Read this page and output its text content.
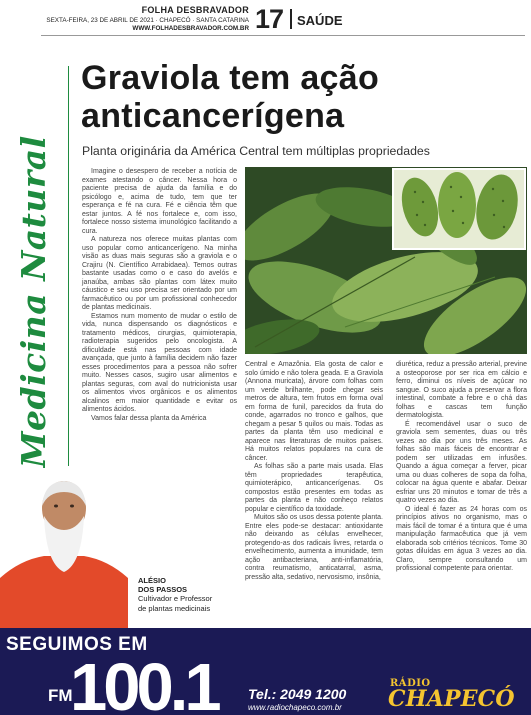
FOLHA DESBRAVADOR
SEXTA-FEIRA, 23 DE ABRIL DE 2021 · CHAPECÓ · SANTA CATARINA
WWW.FOLHADESBRAVADOR.COM.BR 17 SAÚDE
Medicina Natural
Graviola tem ação
anticancerígena
Planta originária da América Central tem múltiplas propriedades

Imagine o desespero de receber a notícia de exames atestando o câncer. Nessa hora o paciente precisa de ajuda da família e do psicólogo e, acima de tudo, tem que ter esperança e fé na cura. Fé e ciência têm que estar juntos. A fé nos fortalece e, com isso, fortalece nosso sistema imunológico facilitando a cura.

A natureza nos oferece muitas plantas com uso popular como anticancerígeno. Na minha visão as duas mais seguras são a graviola e o Crajiru (N. Científico Arrabidaea). Temos outras bastante usadas como o e caso do avelós e janaúba, ambas são plantas com látex muito cáustico e seu uso precisa ser orientado por um farmacêutico ou por um profissional conhecedor de plantas medicinais.

Estamos num momento de mudar o estilo de vida, nunca dispensando os diagnósticos e tratamento médicos, cirurgias, quimioterapia, radioterapia sugeridos pelo oncologista. A dificuldade está nas pessoas com idade avançada, que junto à família decidem não fazer esses procedimentos para a pessoa não sofrer muito. Nesses casos, sugiro usar alimentos e plantas seguras, com aval do nutricionista usar os alimentos vivos orgânicos e os alimentos alcalinos em maior quantidade e evitar os alimentos ácidos.

Vamos falar dessa planta da América

Central e Amazônia. Ela gosta de calor e solo úmido e não tolera geada. E a Graviola (Annona muricata), árvore com folhas com um verde brilhante, pode chegar seis metros de altura, tem frutos em forma oval em forma de funil, parecidos da fruta do conde, agarrados no tronco e galhos, que chegam a pesar 5 quilos ou mais. Todas as partes da planta têm uso medicinal e aparece nas literaturas de muitos países. Há muitos relatos populares na cura de câncer.

As folhas são a parte mais usada. Elas têm propriedades terapêutica, quimioterápico, anticancerígenas. Os compostos estão presentes em todas as partes da planta e não conheço relatos popular e científico da toxidade.

Muitos são os usos dessa potente planta. Entre eles pode-se destacar: antioxidante não deixando as células envelhecer, protegendo-as dos radicais livres, retarda o envelhecimento, aumenta a imunidade, tem ação antibacteriana, anti-inflamatória, contra reumatismo, anticatarral, asma, pressão alta, sedativo, nervosismo, insônia,

diurética, reduz a pressão arterial, previne a osteoporose por ser rica em cálcio e ferro, diminui os níveis de açúcar no sangue. O suco ajuda a preservar a flora intestinal, combate a febre e o chá das folhas e cascas tem função dermatologista.

É recomendável usar o suco de graviola sem sementes, duas ou três vezes ao dia por uns três meses. As folhas são mais fáceis de encontrar e podem ser utilizadas em infusões. Quando a água começar a ferver, picar uma ou duas colheres de sopa da folha, colocar na água quente e abafar. Deixar esfriar uns 20 minutos e tomar de três a quatro vezes ao dia.

O ideal é fazer as 24 horas com os princípios ativos no organismo, mas o mais fácil de tomar é a tintura que é uma manipulação farmacêutica que já vem elaborada sob critérios técnicos. Tome 30 gotas diluídas em água 3 vezes ao dia. Claro, sempre consultando um profissional competente para orientar.

ALÉSIO
DOS PASSOS
Cultivador e Professor
de plantas medicinais
SEGUIMOS EM
FM
100.1 Tel.: 2049 1200
www.radiochapeco.com.br
RÁDIO
CHAPECÓ
